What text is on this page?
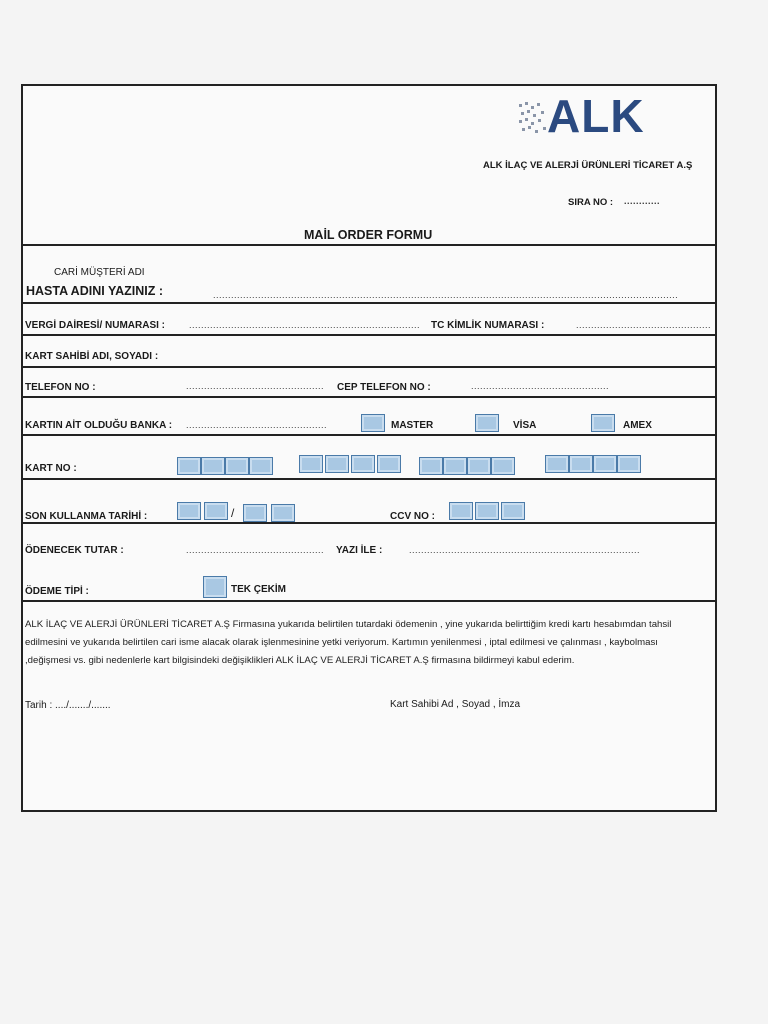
ALK
ALK İLAÇ VE ALERJİ ÜRÜNLERİ TİCARET A.Ş
SIRA NO : ............
MAİL ORDER FORMU
CARİ MÜŞTERİ ADI
HASTA ADINI YAZINIZ :	...........................................................................................................................................................
VERGİ DAİRESİ/ NUMARASI :	............................................................................. TC KİMLİK NUMARASI :	.............................................
KART SAHİBİ ADI, SOYADI :
TELEFON NO :	..............................................	CEP TELEFON NO :	..............................................
KARTIN AİT OLDUĞU BANKA : ...............................................	MASTER	VİSA	AMEX
KART NO :
SON KULLANMA TARİHİ :	/	CCV NO :
ÖDENECEK TUTAR :	..............................................	YAZI İLE :	.............................................................................
ÖDEME TİPİ :	TEK ÇEKİM
ALK İLAÇ VE ALERJİ ÜRÜNLERİ TİCARET A.Ş Firmasına yukarıda belirtilen tutardaki ödemenin , yine yukarıda belirttiğim kredi kartı hesabımdan tahsil edilmesini ve yukarıda belirtilen cari isme alacak olarak işlenmesinine yetki veriyorum. Kartımın yenilenmesi , iptal edilmesi ve çalınması , kaybolması ,değişmesi vs. gibi nedenlerle kart bilgisindeki değişiklikleri ALK İLAÇ VE ALERJİ TİCARET A.Ş firmasına bildirmeyi kabul ederim.
Tarih : ..../......./.......	Kart Sahibi Ad , Soyad , İmza
